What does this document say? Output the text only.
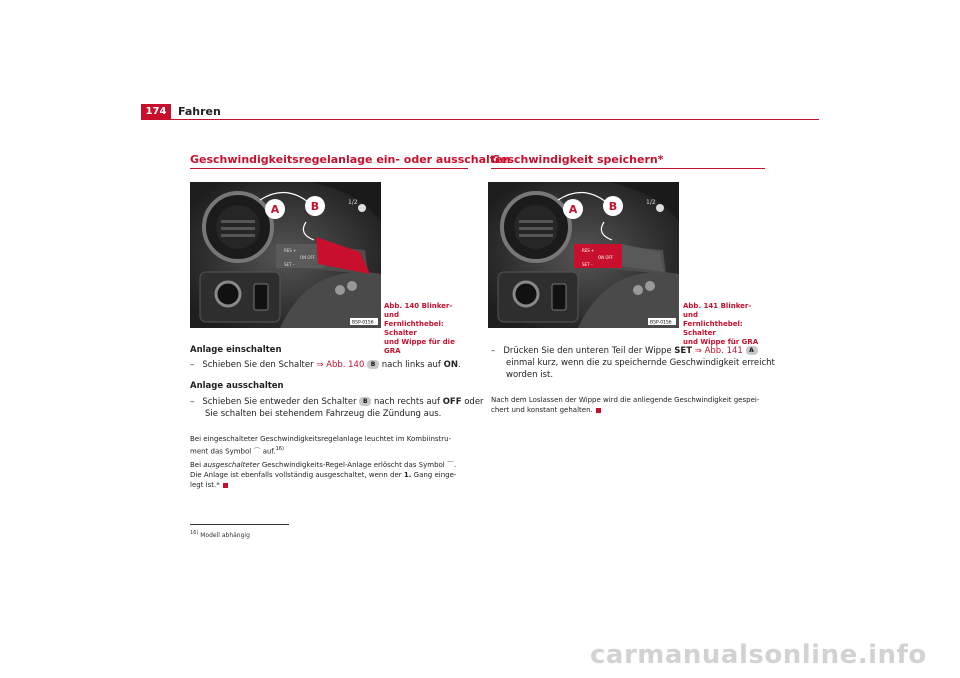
174	Fahren
Geschwindigkeitsregelanlage ein- oder ausschalten
RES +
ON OFF
SET –
A	B	1/2
B5P-0156
Abb. 140 Blinker- und
Fernlichthebel: Schalter
und Wippe für die GRA
Anlage einschalten
– Schieben Sie den Schalter ⇒ Abb. 140 B nach links auf ON.
Anlage ausschalten
– Schieben Sie entweder den Schalter B nach rechts auf OFF oder
Sie schalten bei stehendem Fahrzeug die Zündung aus.
Bei eingeschalteter Geschwindigkeitsregelanlage leuchtet im Kombiinstru-
ment das Symbol ⌒ auf.$^{16)}$
Bei ausgeschalteter Geschwindigkeits-Regel-Anlage erlöscht das Symbol ⌒.
Die Anlage ist ebenfalls vollständig ausgeschaltet, wenn der 1. Gang einge-
legt ist.*
$^{16)}$ Modell abhängig
Geschwindigkeit speichern*
RES +
ON OFF
SET –
A	B	1/2
B5P-0156
Abb. 141 Blinker- und
Fernlichthebel: Schalter
und Wippe für GRA
– Drücken Sie den unteren Teil der Wippe SET ⇒ Abb. 141 A
einmal kurz, wenn die zu speichernde Geschwindigkeit erreicht
worden ist.
Nach dem Loslassen der Wippe wird die anliegende Geschwindigkeit gespei-
chert und konstant gehalten.
carmanualsonline.info
